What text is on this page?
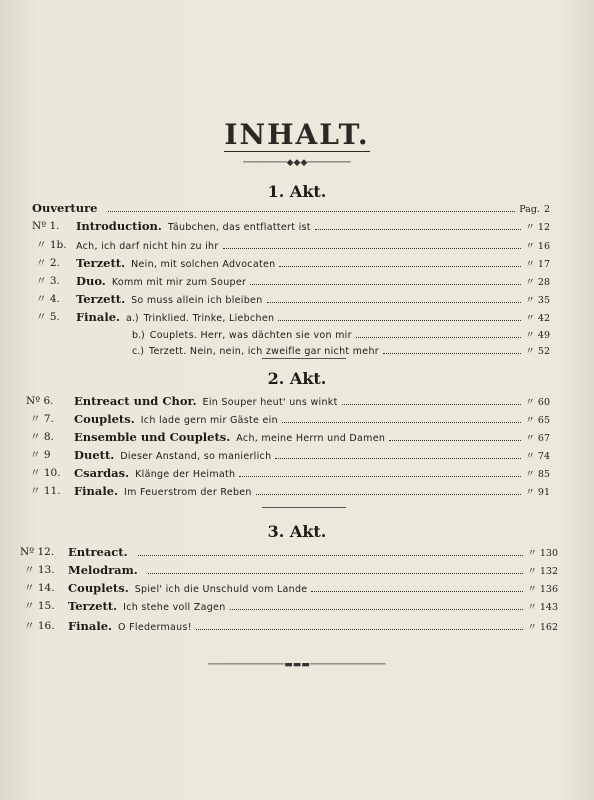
INHALT.
────────◆◆◆────────
1. Akt.
Ouverture	Pag. 2
Nº 1. Introduction. Täubchen, das entflattert ist	〃 12
〃 1b. Ach, ich darf nicht hin zu ihr	〃 16
〃 2. Terzett. Nein, mit solchen Advocaten	〃 17
〃 3. Duo. Komm mit mir zum Souper	〃 28
〃 4. Terzett. So muss allein ich bleiben	〃 35
〃 5. Finale. a.) Trinklied. Trinke, Liebchen	〃 42
b.) Couplets. Herr, was dächten sie von mir	〃 49
c.) Terzett. Nein, nein, ich zweifle gar nicht mehr	〃 52
2. Akt.
Nº 6. Entreact und Chor. Ein Souper heut' uns winkt	〃 60
〃 7. Couplets. Ich lade gern mir Gäste ein	〃 65
〃 8. Ensemble und Couplets. Ach, meine Herrn und Damen	〃 67
〃 9 Duett. Dieser Anstand, so manierlich	〃 74
〃 10. Csardas. Klänge der Heimath	〃 85
〃 11. Finale. Im Feuerstrom der Reben	〃 91
3. Akt.
Nº 12. Entreact.	〃 130
〃 13. Melodram.	〃 132
〃 14. Couplets. Spiel' ich die Unschuld vom Lande	〃 136
〃 15. Terzett. Ich stehe voll Zagen	〃 143
〃 16. Finale. O Fledermaus!	〃 162
──────────────▬▬▬──────────────
